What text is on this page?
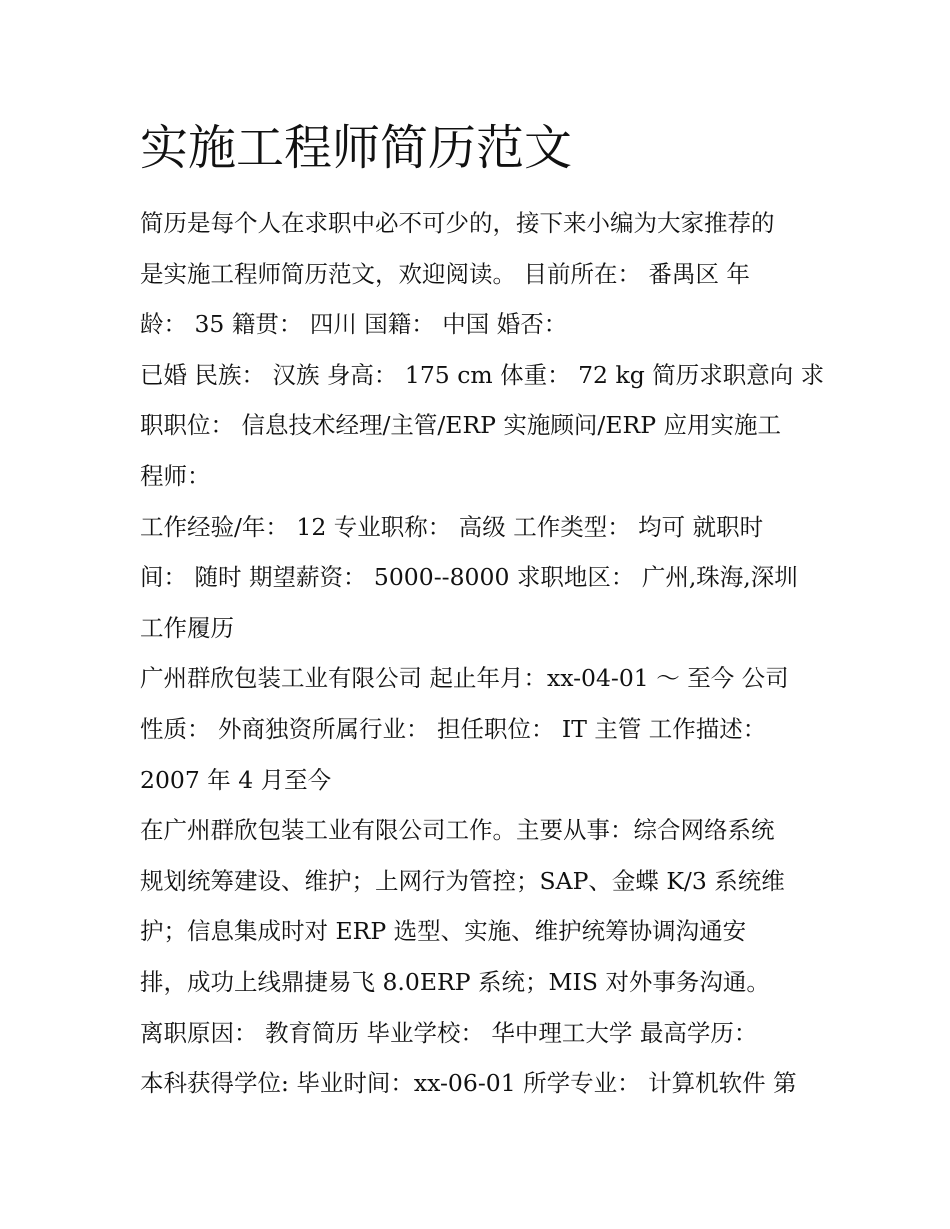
实施工程师简历范文
简历是每个人在求职中必不可少的，接下来小编为大家推荐的
是实施工程师简历范文，欢迎阅读。 目前所在： 番禺区 年
龄： 35 籍贯： 四川 国籍： 中国 婚否：
已婚 民族： 汉族 身高： 175 cm 体重： 72 kg 简历求职意向 求
职职位： 信息技术经理/主管/ERP 实施顾问/ERP 应用实施工
程师：
工作经验/年： 12 专业职称： 高级 工作类型： 均可 就职时
间： 随时 期望薪资： 5000--8000 求职地区： 广州,珠海,深圳
工作履历
广州群欣包装工业有限公司 起止年月：xx-04-01 ～ 至今 公司
性质： 外商独资所属行业： 担任职位： IT 主管 工作描述：
2007 年 4 月至今
在广州群欣包装工业有限公司工作。主要从事：综合网络系统
规划统筹建设、维护；上网行为管控；SAP、金蝶 K/3 系统维
护；信息集成时对 ERP 选型、实施、维护统筹协调沟通安
排，成功上线鼎捷易飞 8.0ERP 系统；MIS 对外事务沟通。
离职原因： 教育简历 毕业学校： 华中理工大学 最高学历：
本科获得学位: 毕业时间：xx-06-01 所学专业： 计算机软件 第
